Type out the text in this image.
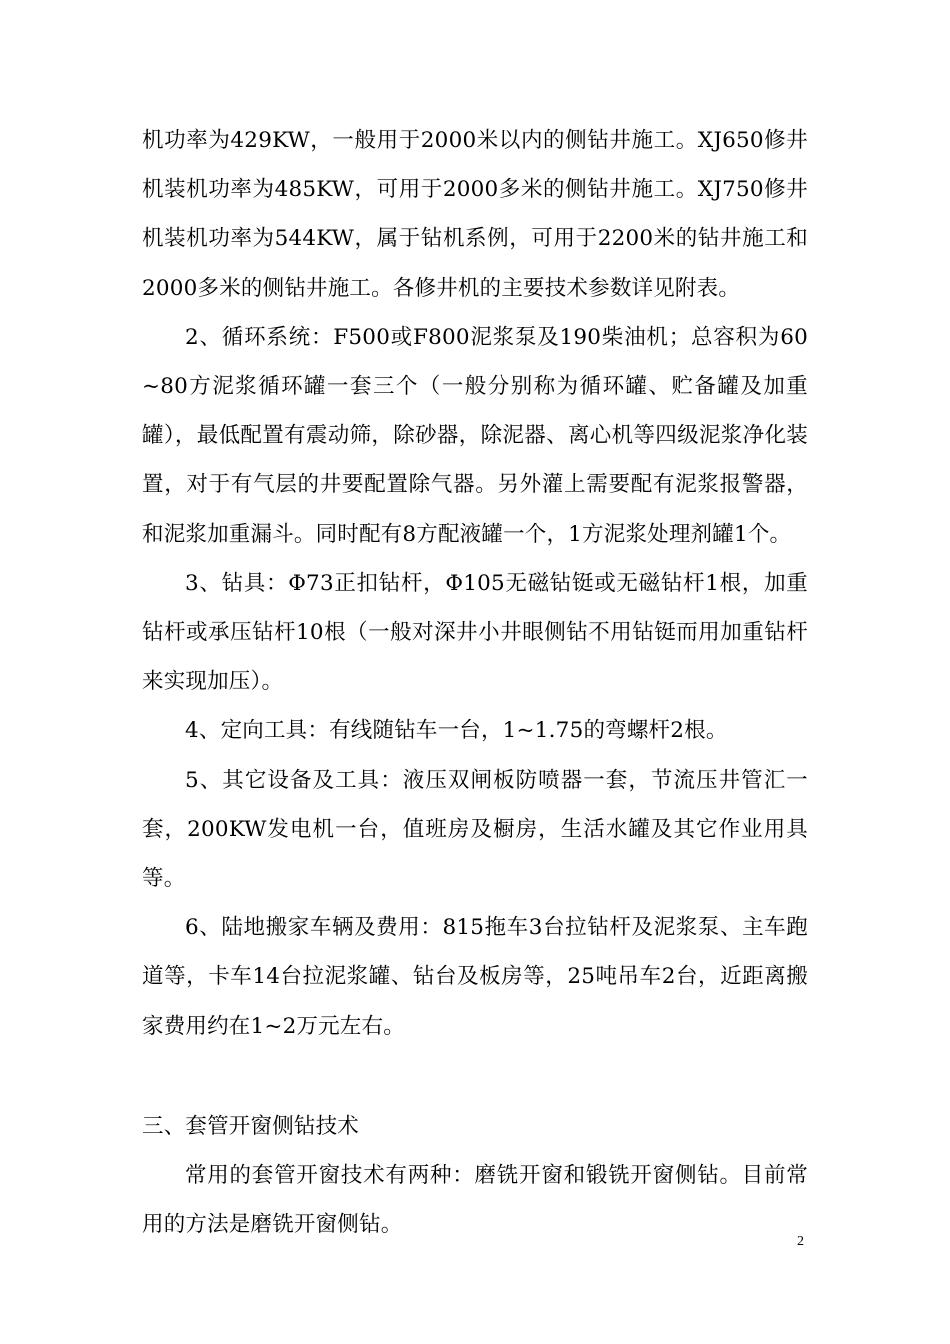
机功率为429KW，一般用于2000米以内的侧钻井施工。XJ650修井机装机功率为485KW，可用于2000多米的侧钻井施工。XJ750修井机装机功率为544KW，属于钻机系例，可用于2200米的钻井施工和2000多米的侧钻井施工。各修井机的主要技术参数详见附表。

2、循环系统：F500或F800泥浆泵及190柴油机；总容积为60~80方泥浆循环罐一套三个（一般分别称为循环罐、贮备罐及加重罐），最低配置有震动筛，除砂器，除泥器、离心机等四级泥浆净化装置，对于有气层的井要配置除气器。另外灌上需要配有泥浆报警器，和泥浆加重漏斗。同时配有8方配液罐一个，1方泥浆处理剂罐1个。

3、钻具：Φ73正扣钻杆，Φ105无磁钻铤或无磁钻杆1根，加重钻杆或承压钻杆10根（一般对深井小井眼侧钻不用钻铤而用加重钻杆来实现加压）。

4、定向工具：有线随钻车一台，1~1.75的弯螺杆2根。

5、其它设备及工具：液压双闸板防喷器一套，节流压井管汇一套，200KW发电机一台，值班房及橱房，生活水罐及其它作业用具等。

6、陆地搬家车辆及费用：815拖车3台拉钻杆及泥浆泵、主车跑道等，卡车14台拉泥浆罐、钻台及板房等，25吨吊车2台，近距离搬家费用约在1~2万元左右。

三、套管开窗侧钻技术

常用的套管开窗技术有两种：磨铣开窗和锻铣开窗侧钻。目前常用的方法是磨铣开窗侧钻。

2
